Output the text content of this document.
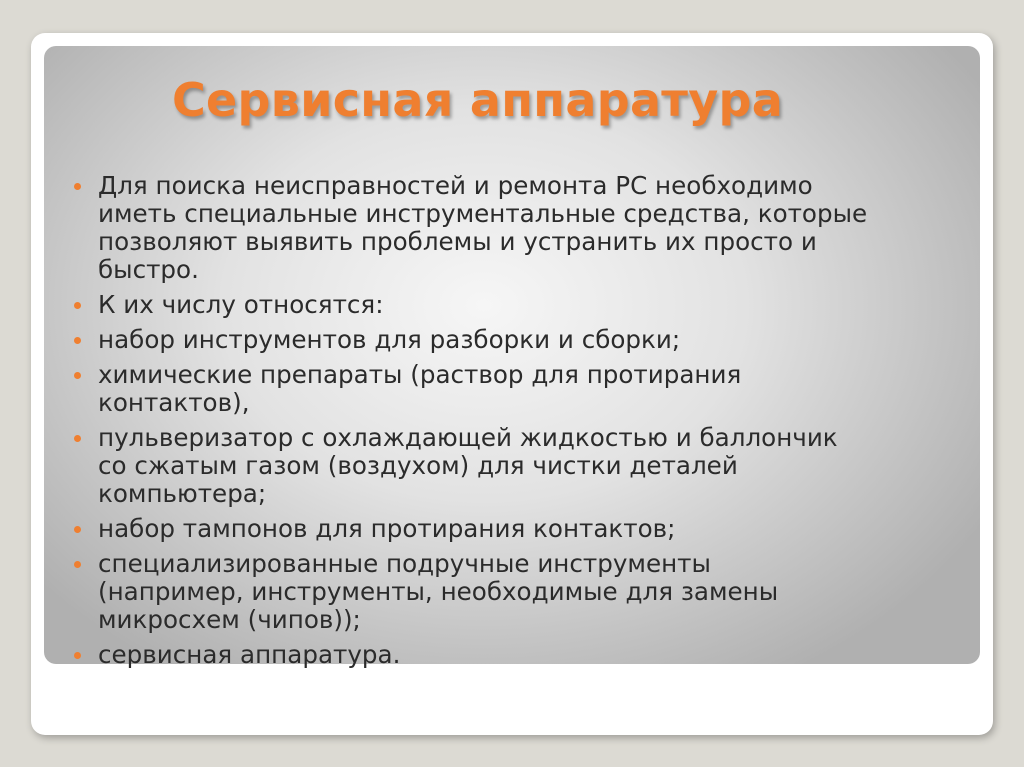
Сервисная аппаратура
Для поиска неисправностей и ремонта PC необходимо
иметь специальные инструментальные средства, которые
позволяют выявить проблемы и устранить их просто и
быстро.
К их числу относятся:
набор инструментов для разборки и сборки;
химические препараты (раствор для протирания
контактов),
пульверизатор с охлаждающей жидкостью и баллончик
со сжатым газом (воздухом) для чистки деталей
компьютера;
набор тампонов для протирания контактов;
специализированные подручные инструменты
(например, инструменты, необходимые для замены
микросхем (чипов));
сервисная аппаратура.
